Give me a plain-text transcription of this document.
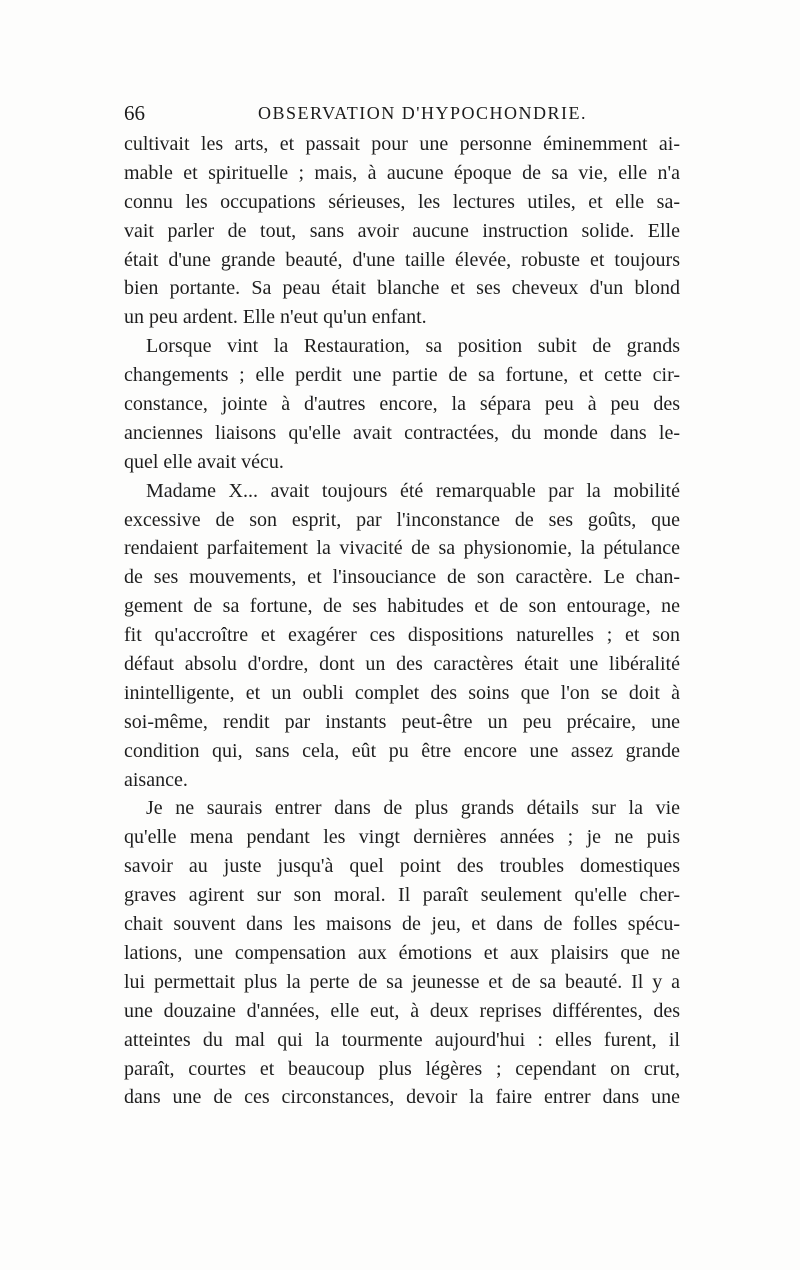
66	OBSERVATION D'HYPOCHONDRIE.
cultivait les arts, et passait pour une personne éminemment ai-
mable et spirituelle ; mais, à aucune époque de sa vie, elle n'a
connu les occupations sérieuses, les lectures utiles, et elle sa-
vait parler de tout, sans avoir aucune instruction solide. Elle
était d'une grande beauté, d'une taille élevée, robuste et toujours
bien portante. Sa peau était blanche et ses cheveux d'un blond
un peu ardent. Elle n'eut qu'un enfant.
Lorsque vint la Restauration, sa position subit de grands
changements ; elle perdit une partie de sa fortune, et cette cir-
constance, jointe à d'autres encore, la sépara peu à peu des
anciennes liaisons qu'elle avait contractées, du monde dans le-
quel elle avait vécu.
Madame X... avait toujours été remarquable par la mobilité
excessive de son esprit, par l'inconstance de ses goûts, que
rendaient parfaitement la vivacité de sa physionomie, la pétulance
de ses mouvements, et l'insouciance de son caractère. Le chan-
gement de sa fortune, de ses habitudes et de son entourage, ne
fit qu'accroître et exagérer ces dispositions naturelles ; et son
défaut absolu d'ordre, dont un des caractères était une libéralité
inintelligente, et un oubli complet des soins que l'on se doit à
soi-même, rendit par instants peut-être un peu précaire, une
condition qui, sans cela, eût pu être encore une assez grande
aisance.
Je ne saurais entrer dans de plus grands détails sur la vie
qu'elle mena pendant les vingt dernières années ; je ne puis
savoir au juste jusqu'à quel point des troubles domestiques
graves agirent sur son moral. Il paraît seulement qu'elle cher-
chait souvent dans les maisons de jeu, et dans de folles spécu-
lations, une compensation aux émotions et aux plaisirs que ne
lui permettait plus la perte de sa jeunesse et de sa beauté. Il y a
une douzaine d'années, elle eut, à deux reprises différentes, des
atteintes du mal qui la tourmente aujourd'hui : elles furent, il
paraît, courtes et beaucoup plus légères ; cependant on crut,
dans une de ces circonstances, devoir la faire entrer dans une
